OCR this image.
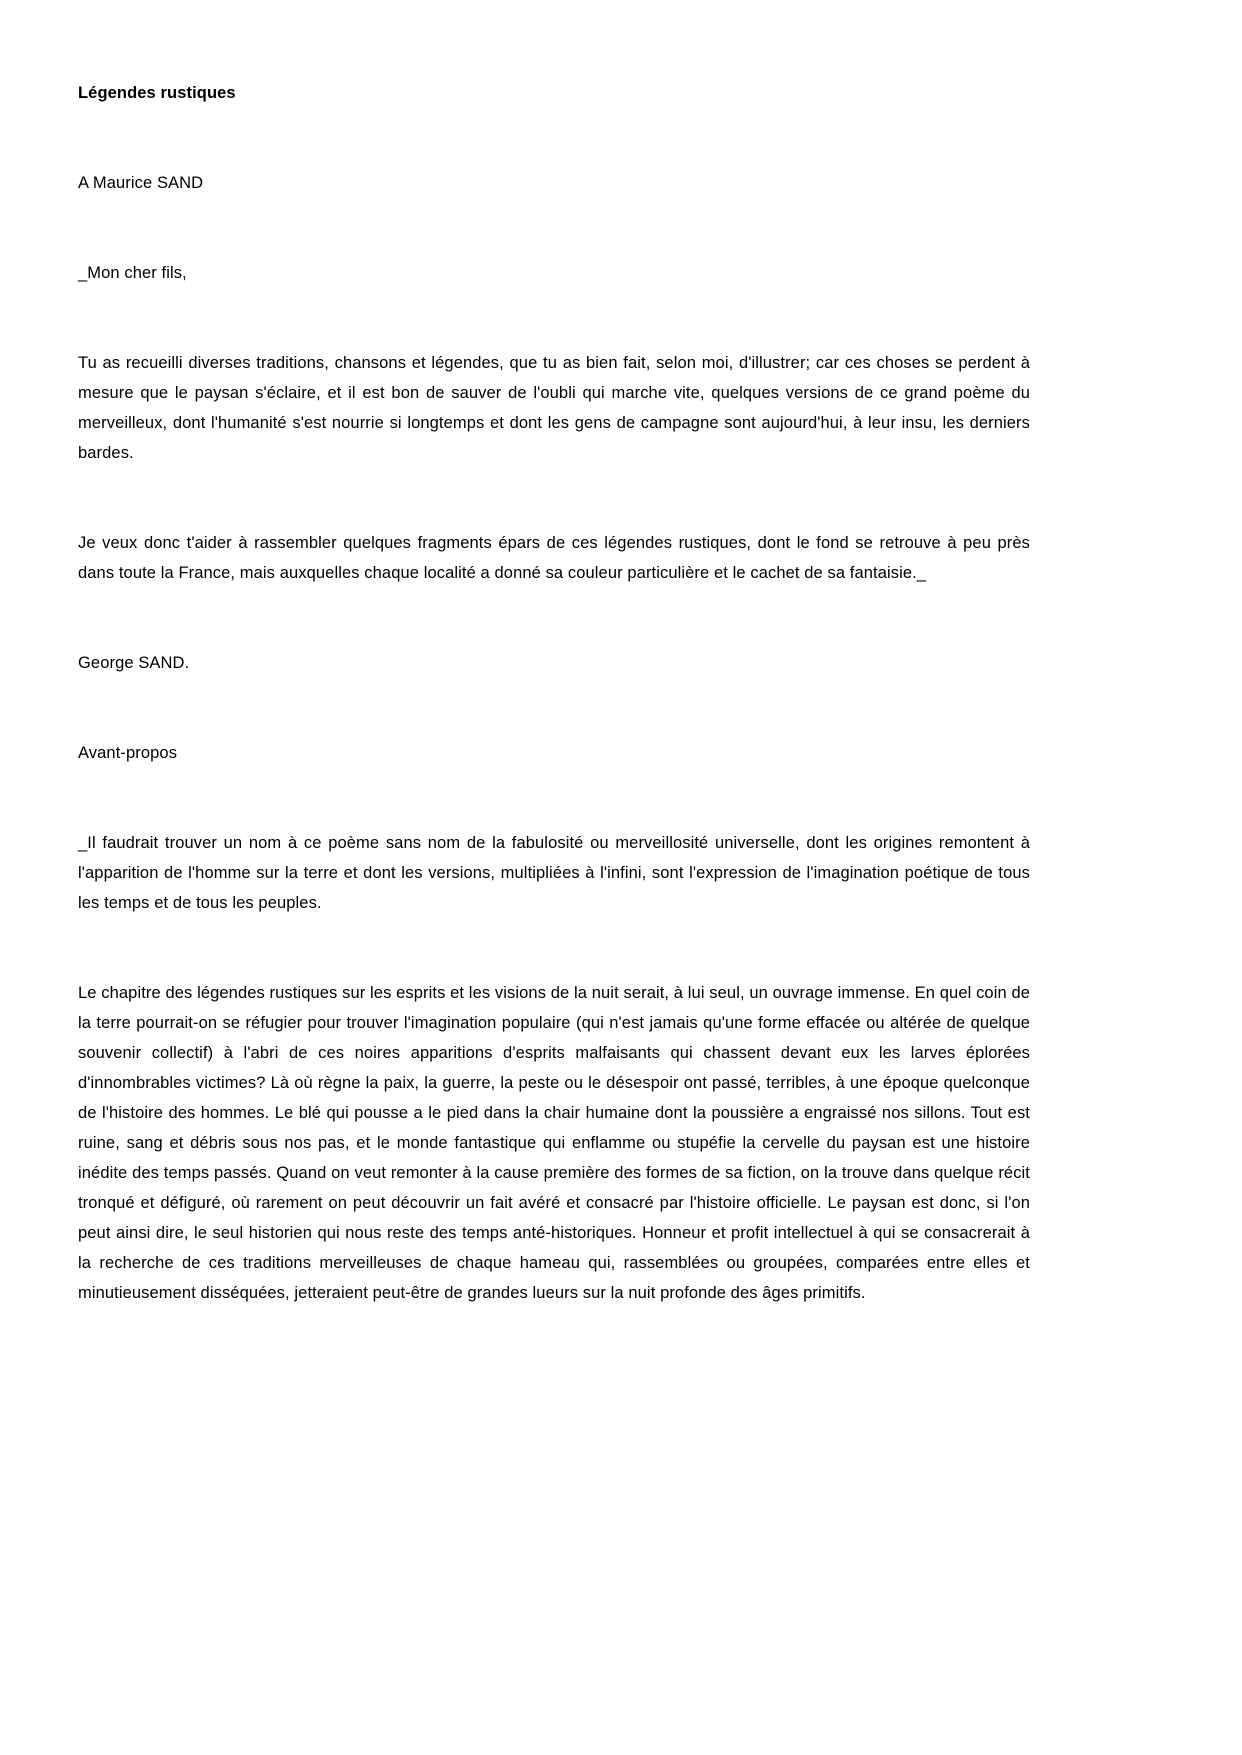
Légendes rustiques

A Maurice SAND

_Mon cher fils,

Tu as recueilli diverses traditions, chansons et légendes, que tu as bien fait, selon moi, d'illustrer; car ces choses se perdent à mesure que le paysan s'éclaire, et il est bon de sauver de l'oubli qui marche vite, quelques versions de ce grand poème du merveilleux, dont l'humanité s'est nourrie si longtemps et dont les gens de campagne sont aujourd'hui, à leur insu, les derniers bardes.

Je veux donc t'aider à rassembler quelques fragments épars de ces légendes rustiques, dont le fond se retrouve à peu près dans toute la France, mais auxquelles chaque localité a donné sa couleur particulière et le cachet de sa fantaisie._

George SAND.

Avant-propos

_Il faudrait trouver un nom à ce poème sans nom de la fabulosité ou merveillosité universelle, dont les origines remontent à l'apparition de l'homme sur la terre et dont les versions, multipliées à l'infini, sont l'expression de l'imagination poétique de tous les temps et de tous les peuples.

Le chapitre des légendes rustiques sur les esprits et les visions de la nuit serait, à lui seul, un ouvrage immense. En quel coin de la terre pourrait-on se réfugier pour trouver l'imagination populaire (qui n'est jamais qu'une forme effacée ou altérée de quelque souvenir collectif) à l'abri de ces noires apparitions d'esprits malfaisants qui chassent devant eux les larves éplorées d'innombrables victimes? Là où règne la paix, la guerre, la peste ou le désespoir ont passé, terribles, à une époque quelconque de l'histoire des hommes. Le blé qui pousse a le pied dans la chair humaine dont la poussière a engraissé nos sillons. Tout est ruine, sang et débris sous nos pas, et le monde fantastique qui enflamme ou stupéfie la cervelle du paysan est une histoire inédite des temps passés. Quand on veut remonter à la cause première des formes de sa fiction, on la trouve dans quelque récit tronqué et défiguré, où rarement on peut découvrir un fait avéré et consacré par l'histoire officielle. Le paysan est donc, si l'on peut ainsi dire, le seul historien qui nous reste des temps anté-historiques. Honneur et profit intellectuel à qui se consacrerait à la recherche de ces traditions merveilleuses de chaque hameau qui, rassemblées ou groupées, comparées entre elles et minutieusement disséquées, jetteraient peut-être de grandes lueurs sur la nuit profonde des âges primitifs.
